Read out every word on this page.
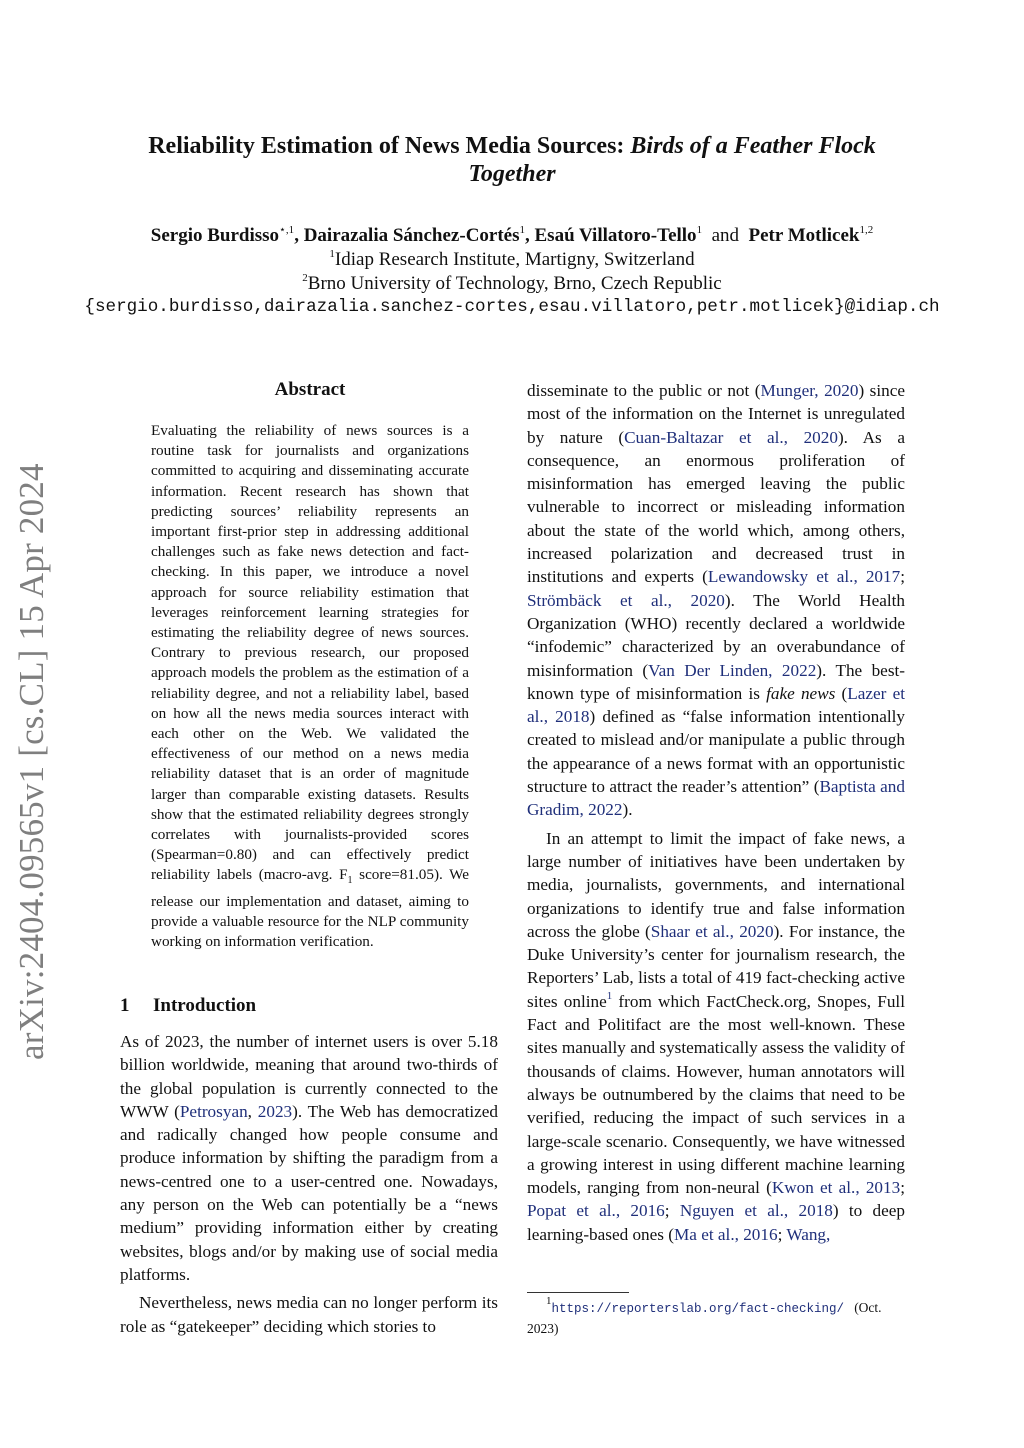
arXiv:2404.09565v1 [cs.CL] 15 Apr 2024
Reliability Estimation of News Media Sources: Birds of a Feather Flock
Together
Sergio Burdisso$^{⋆,1}$, Dairazalia Sánchez-Cortés$^1$, Esaú Villatoro-Tello$^1$ and Petr Motlicek$^{1,2}$
$^1$Idiap Research Institute, Martigny, Switzerland
$^2$Brno University of Technology, Brno, Czech Republic
{sergio.burdisso,dairazalia.sanchez-cortes,esau.villatoro,petr.motlicek}@idiap.ch
Abstract
Evaluating the reliability of news sources is a routine task for journalists and organizations committed to acquiring and disseminating accurate information. Recent research has shown that predicting sources’ reliability represents an important first-prior step in addressing additional challenges such as fake news detection and fact-checking. In this paper, we introduce a novel approach for source reliability estimation that leverages reinforcement learning strategies for estimating the reliability degree of news sources. Contrary to previous research, our proposed approach models the problem as the estimation of a reliability degree, and not a reliability label, based on how all the news media sources interact with each other on the Web. We validated the effectiveness of our method on a news media reliability dataset that is an order of magnitude larger than comparable existing datasets. Results show that the estimated reliability degrees strongly correlates with journalists-provided scores (Spearman=0.80) and can effectively predict reliability labels (macro-avg. $F_1$ score=81.05). We release our implementation and dataset, aiming to provide a valuable resource for the NLP community working on information verification.
1 Introduction

As of 2023, the number of internet users is over 5.18 billion worldwide, meaning that around two-thirds of the global population is currently connected to the WWW (Petrosyan, 2023). The Web has democratized and radically changed how people consume and produce information by shifting the paradigm from a news-centred one to a user-centred one. Nowadays, any person on the Web can potentially be a “news medium” providing information either by creating websites, blogs and/or by making use of social media platforms.

Nevertheless, news media can no longer perform its role as “gatekeeper” deciding which stories to

disseminate to the public or not (Munger, 2020) since most of the information on the Internet is unregulated by nature (Cuan-Baltazar et al., 2020). As a consequence, an enormous proliferation of misinformation has emerged leaving the public vulnerable to incorrect or misleading information about the state of the world which, among others, increased polarization and decreased trust in institutions and experts (Lewandowsky et al., 2017; Strömbäck et al., 2020). The World Health Organization (WHO) recently declared a worldwide “infodemic” characterized by an overabundance of misinformation (Van Der Linden, 2022). The best-known type of misinformation is fake news (Lazer et al., 2018) defined as “false information intentionally created to mislead and/or manipulate a public through the appearance of a news format with an opportunistic structure to attract the reader’s attention” (Baptista and Gradim, 2022).

In an attempt to limit the impact of fake news, a large number of initiatives have been undertaken by media, journalists, governments, and international organizations to identify true and false information across the globe (Shaar et al., 2020). For instance, the Duke University’s center for journalism research, the Reporters’ Lab, lists a total of 419 fact-checking active sites online$^1$ from which FactCheck.org, Snopes, Full Fact and Politifact are the most well-known. These sites manually and systematically assess the validity of thousands of claims. However, human annotators will always be outnumbered by the claims that need to be verified, reducing the impact of such services in a large-scale scenario. Consequently, we have witnessed a growing interest in using different machine learning models, ranging from non-neural (Kwon et al., 2013; Popat et al., 2016; Nguyen et al., 2018) to deep learning-based ones (Ma et al., 2016; Wang,

$^1$https://reporterslab.org/fact-checking/ (Oct. 2023)
